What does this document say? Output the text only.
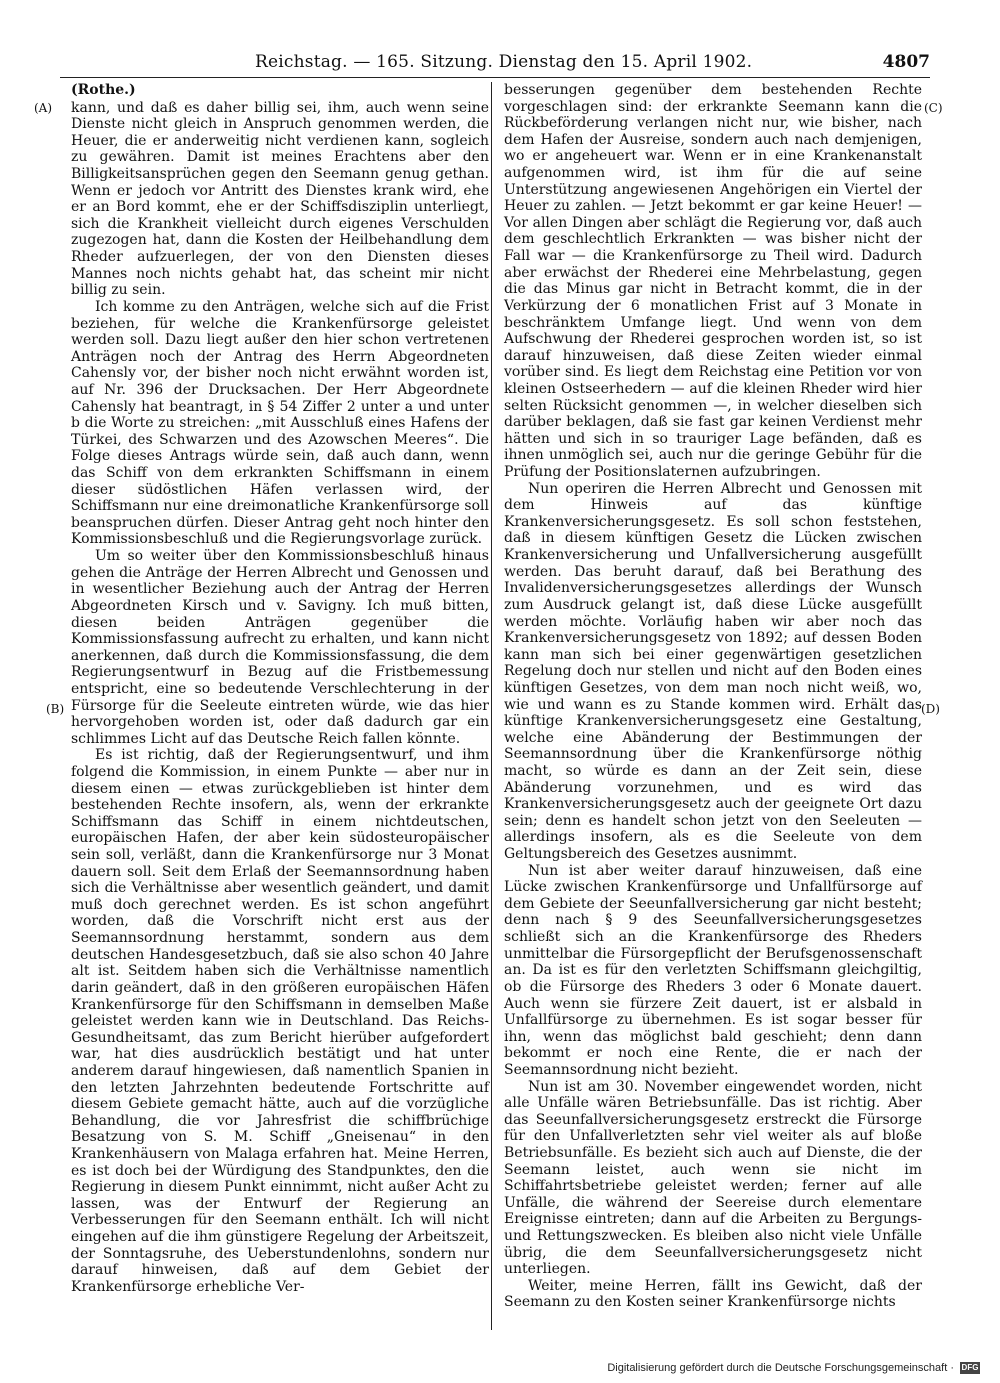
Reichstag. — 165. Sitzung. Dienstag den 15. April 1902.	4807
(A)
(B)
(C)
(D)
(Rothe.)

kann, und daß es daher billig sei, ihm, auch wenn seine Dienste nicht gleich in Anspruch genommen werden, die Heuer, die er anderweitig nicht verdienen kann, sogleich zu gewähren. Damit ist meines Erachtens aber den Billigkeitsansprüchen gegen den Seemann genug gethan. Wenn er jedoch vor Antritt des Dienstes krank wird, ehe er an Bord kommt, ehe er der Schiffsdisziplin unterliegt, sich die Krankheit vielleicht durch eigenes Verschulden zugezogen hat, dann die Kosten der Heilbehandlung dem Rheder aufzuerlegen, der von den Diensten dieses Mannes noch nichts gehabt hat, das scheint mir nicht billig zu sein.

Ich komme zu den Anträgen, welche sich auf die Frist beziehen, für welche die Krankenfürsorge geleistet werden soll. Dazu liegt außer den hier schon vertretenen Anträgen noch der Antrag des Herrn Abgeordneten Cahensly vor, der bisher noch nicht erwähnt worden ist, auf Nr. 396 der Drucksachen. Der Herr Abgeordnete Cahensly hat beantragt, in § 54 Ziffer 2 unter a und unter b die Worte zu streichen: „mit Ausschluß eines Hafens der Türkei, des Schwarzen und des Azowschen Meeres“. Die Folge dieses Antrags würde sein, daß auch dann, wenn das Schiff von dem erkrankten Schiffsmann in einem dieser südöstlichen Häfen verlassen wird, der Schiffsmann nur eine dreimonatliche Krankenfürsorge soll beanspruchen dürfen. Dieser Antrag geht noch hinter den Kommissionsbeschluß und die Regierungsvorlage zurück.

Um so weiter über den Kommissionsbeschluß hinaus gehen die Anträge der Herren Albrecht und Genossen und in wesentlicher Beziehung auch der Antrag der Herren Abgeordneten Kirsch und v. Savigny. Ich muß bitten, diesen beiden Anträgen gegenüber die Kommissionsfassung aufrecht zu erhalten, und kann nicht anerkennen, daß durch die Kommissionsfassung, die dem Regierungsentwurf in Bezug auf die Fristbemessung entspricht, eine so bedeutende Verschlechterung in der Fürsorge für die Seeleute eintreten würde, wie das hier hervorgehoben worden ist, oder daß dadurch gar ein schlimmes Licht auf das Deutsche Reich fallen könnte.

Es ist richtig, daß der Regierungsentwurf, und ihm folgend die Kommission, in einem Punkte — aber nur in diesem einen — etwas zurückgeblieben ist hinter dem bestehenden Rechte insofern, als, wenn der erkrankte Schiffsmann das Schiff in einem nichtdeutschen, europäischen Hafen, der aber kein südosteuropäischer sein soll, verläßt, dann die Krankenfürsorge nur 3 Monat dauern soll. Seit dem Erlaß der Seemannsordnung haben sich die Verhältnisse aber wesentlich geändert, und damit muß doch gerechnet werden. Es ist schon angeführt worden, daß die Vorschrift nicht erst aus der Seemannsordnung herstammt, sondern aus dem deutschen Handesgesetzbuch, daß sie also schon 40 Jahre alt ist. Seitdem haben sich die Verhältnisse namentlich darin geändert, daß in den größeren europäischen Häfen Krankenfürsorge für den Schiffsmann in demselben Maße geleistet werden kann wie in Deutschland. Das Reichs-Gesundheitsamt, das zum Bericht hierüber aufgefordert war, hat dies ausdrücklich bestätigt und hat unter anderem darauf hingewiesen, daß namentlich Spanien in den letzten Jahrzehnten bedeutende Fortschritte auf diesem Gebiete gemacht hätte, auch auf die vorzügliche Behandlung, die vor Jahresfrist die schiffbrüchige Besatzung von S. M. Schiff „Gneisenau“ in den Krankenhäusern von Malaga erfahren hat. Meine Herren, es ist doch bei der Würdigung des Standpunktes, den die Regierung in diesem Punkt einnimmt, nicht außer Acht zu lassen, was der Entwurf der Regierung an Verbesserungen für den Seemann enthält. Ich will nicht eingehen auf die ihm günstigere Regelung der Arbeitszeit, der Sonntagsruhe, des Ueberstundenlohns, sondern nur darauf hinweisen, daß auf dem Gebiet der Krankenfürsorge erhebliche Ver-

besserungen gegenüber dem bestehenden Rechte vorgeschlagen sind: der erkrankte Seemann kann die Rückbeförderung verlangen nicht nur, wie bisher, nach dem Hafen der Ausreise, sondern auch nach demjenigen, wo er angeheuert war. Wenn er in eine Krankenanstalt aufgenommen wird, ist ihm für die auf seine Unterstützung angewiesenen Angehörigen ein Viertel der Heuer zu zahlen. — Jetzt bekommt er gar keine Heuer! — Vor allen Dingen aber schlägt die Regierung vor, daß auch dem geschlechtlich Erkrankten — was bisher nicht der Fall war — die Krankenfürsorge zu Theil wird. Dadurch aber erwächst der Rhederei eine Mehrbelastung, gegen die das Minus gar nicht in Betracht kommt, die in der Verkürzung der 6 monatlichen Frist auf 3 Monate in beschränktem Umfange liegt. Und wenn von dem Aufschwung der Rhederei gesprochen worden ist, so ist darauf hinzuweisen, daß diese Zeiten wieder einmal vorüber sind. Es liegt dem Reichstag eine Petition vor von kleinen Ostseerhedern — auf die kleinen Rheder wird hier selten Rücksicht genommen —, in welcher dieselben sich darüber beklagen, daß sie fast gar keinen Verdienst mehr hätten und sich in so trauriger Lage befänden, daß es ihnen unmöglich sei, auch nur die geringe Gebühr für die Prüfung der Positionslaternen aufzubringen.

Nun operiren die Herren Albrecht und Genossen mit dem Hinweis auf das künftige Krankenversicherungsgesetz. Es soll schon feststehen, daß in diesem künftigen Gesetz die Lücken zwischen Krankenversicherung und Unfallversicherung ausgefüllt werden. Das beruht darauf, daß bei Berathung des Invalidenversicherungsgesetzes allerdings der Wunsch zum Ausdruck gelangt ist, daß diese Lücke ausgefüllt werden möchte. Vorläufig haben wir aber noch das Krankenversicherungsgesetz von 1892; auf dessen Boden kann man sich bei einer gegenwärtigen gesetzlichen Regelung doch nur stellen und nicht auf den Boden eines künftigen Gesetzes, von dem man noch nicht weiß, wo, wie und wann es zu Stande kommen wird. Erhält das künftige Krankenversicherungsgesetz eine Gestaltung, welche eine Abänderung der Bestimmungen der Seemannsordnung über die Krankenfürsorge nöthig macht, so würde es dann an der Zeit sein, diese Abänderung vorzunehmen, und es wird das Krankenversicherungsgesetz auch der geeignete Ort dazu sein; denn es handelt schon jetzt von den Seeleuten — allerdings insofern, als es die Seeleute von dem Geltungsbereich des Gesetzes ausnimmt.

Nun ist aber weiter darauf hinzuweisen, daß eine Lücke zwischen Krankenfürsorge und Unfallfürsorge auf dem Gebiete der Seeunfallversicherung gar nicht besteht; denn nach § 9 des Seeunfallversicherungsgesetzes schließt sich an die Krankenfürsorge des Rheders unmittelbar die Fürsorgepflicht der Berufsgenossenschaft an. Da ist es für den verletzten Schiffsmann gleichgiltig, ob die Fürsorge des Rheders 3 oder 6 Monate dauert. Auch wenn sie fürzere Zeit dauert, ist er alsbald in Unfallfürsorge zu übernehmen. Es ist sogar besser für ihn, wenn das möglichst bald geschieht; denn dann bekommt er noch eine Rente, die er nach der Seemannsordnung nicht bezieht.

Nun ist am 30. November eingewendet worden, nicht alle Unfälle wären Betriebsunfälle. Das ist richtig. Aber das Seeunfallversicherungsgesetz erstreckt die Fürsorge für den Unfallverletzten sehr viel weiter als auf bloße Betriebsunfälle. Es bezieht sich auch auf Dienste, die der Seemann leistet, auch wenn sie nicht im Schiffahrtsbetriebe geleistet werden; ferner auf alle Unfälle, die während der Seereise durch elementare Ereignisse eintreten; dann auf die Arbeiten zu Bergungs- und Rettungszwecken. Es bleiben also nicht viele Unfälle übrig, die dem Seeunfallversicherungsgesetz nicht unterliegen.

Weiter, meine Herren, fällt ins Gewicht, daß der Seemann zu den Kosten seiner Krankenfürsorge nichts

Digitalisierung gefördert durch die Deutsche Forschungsgemeinschaft · DFG
